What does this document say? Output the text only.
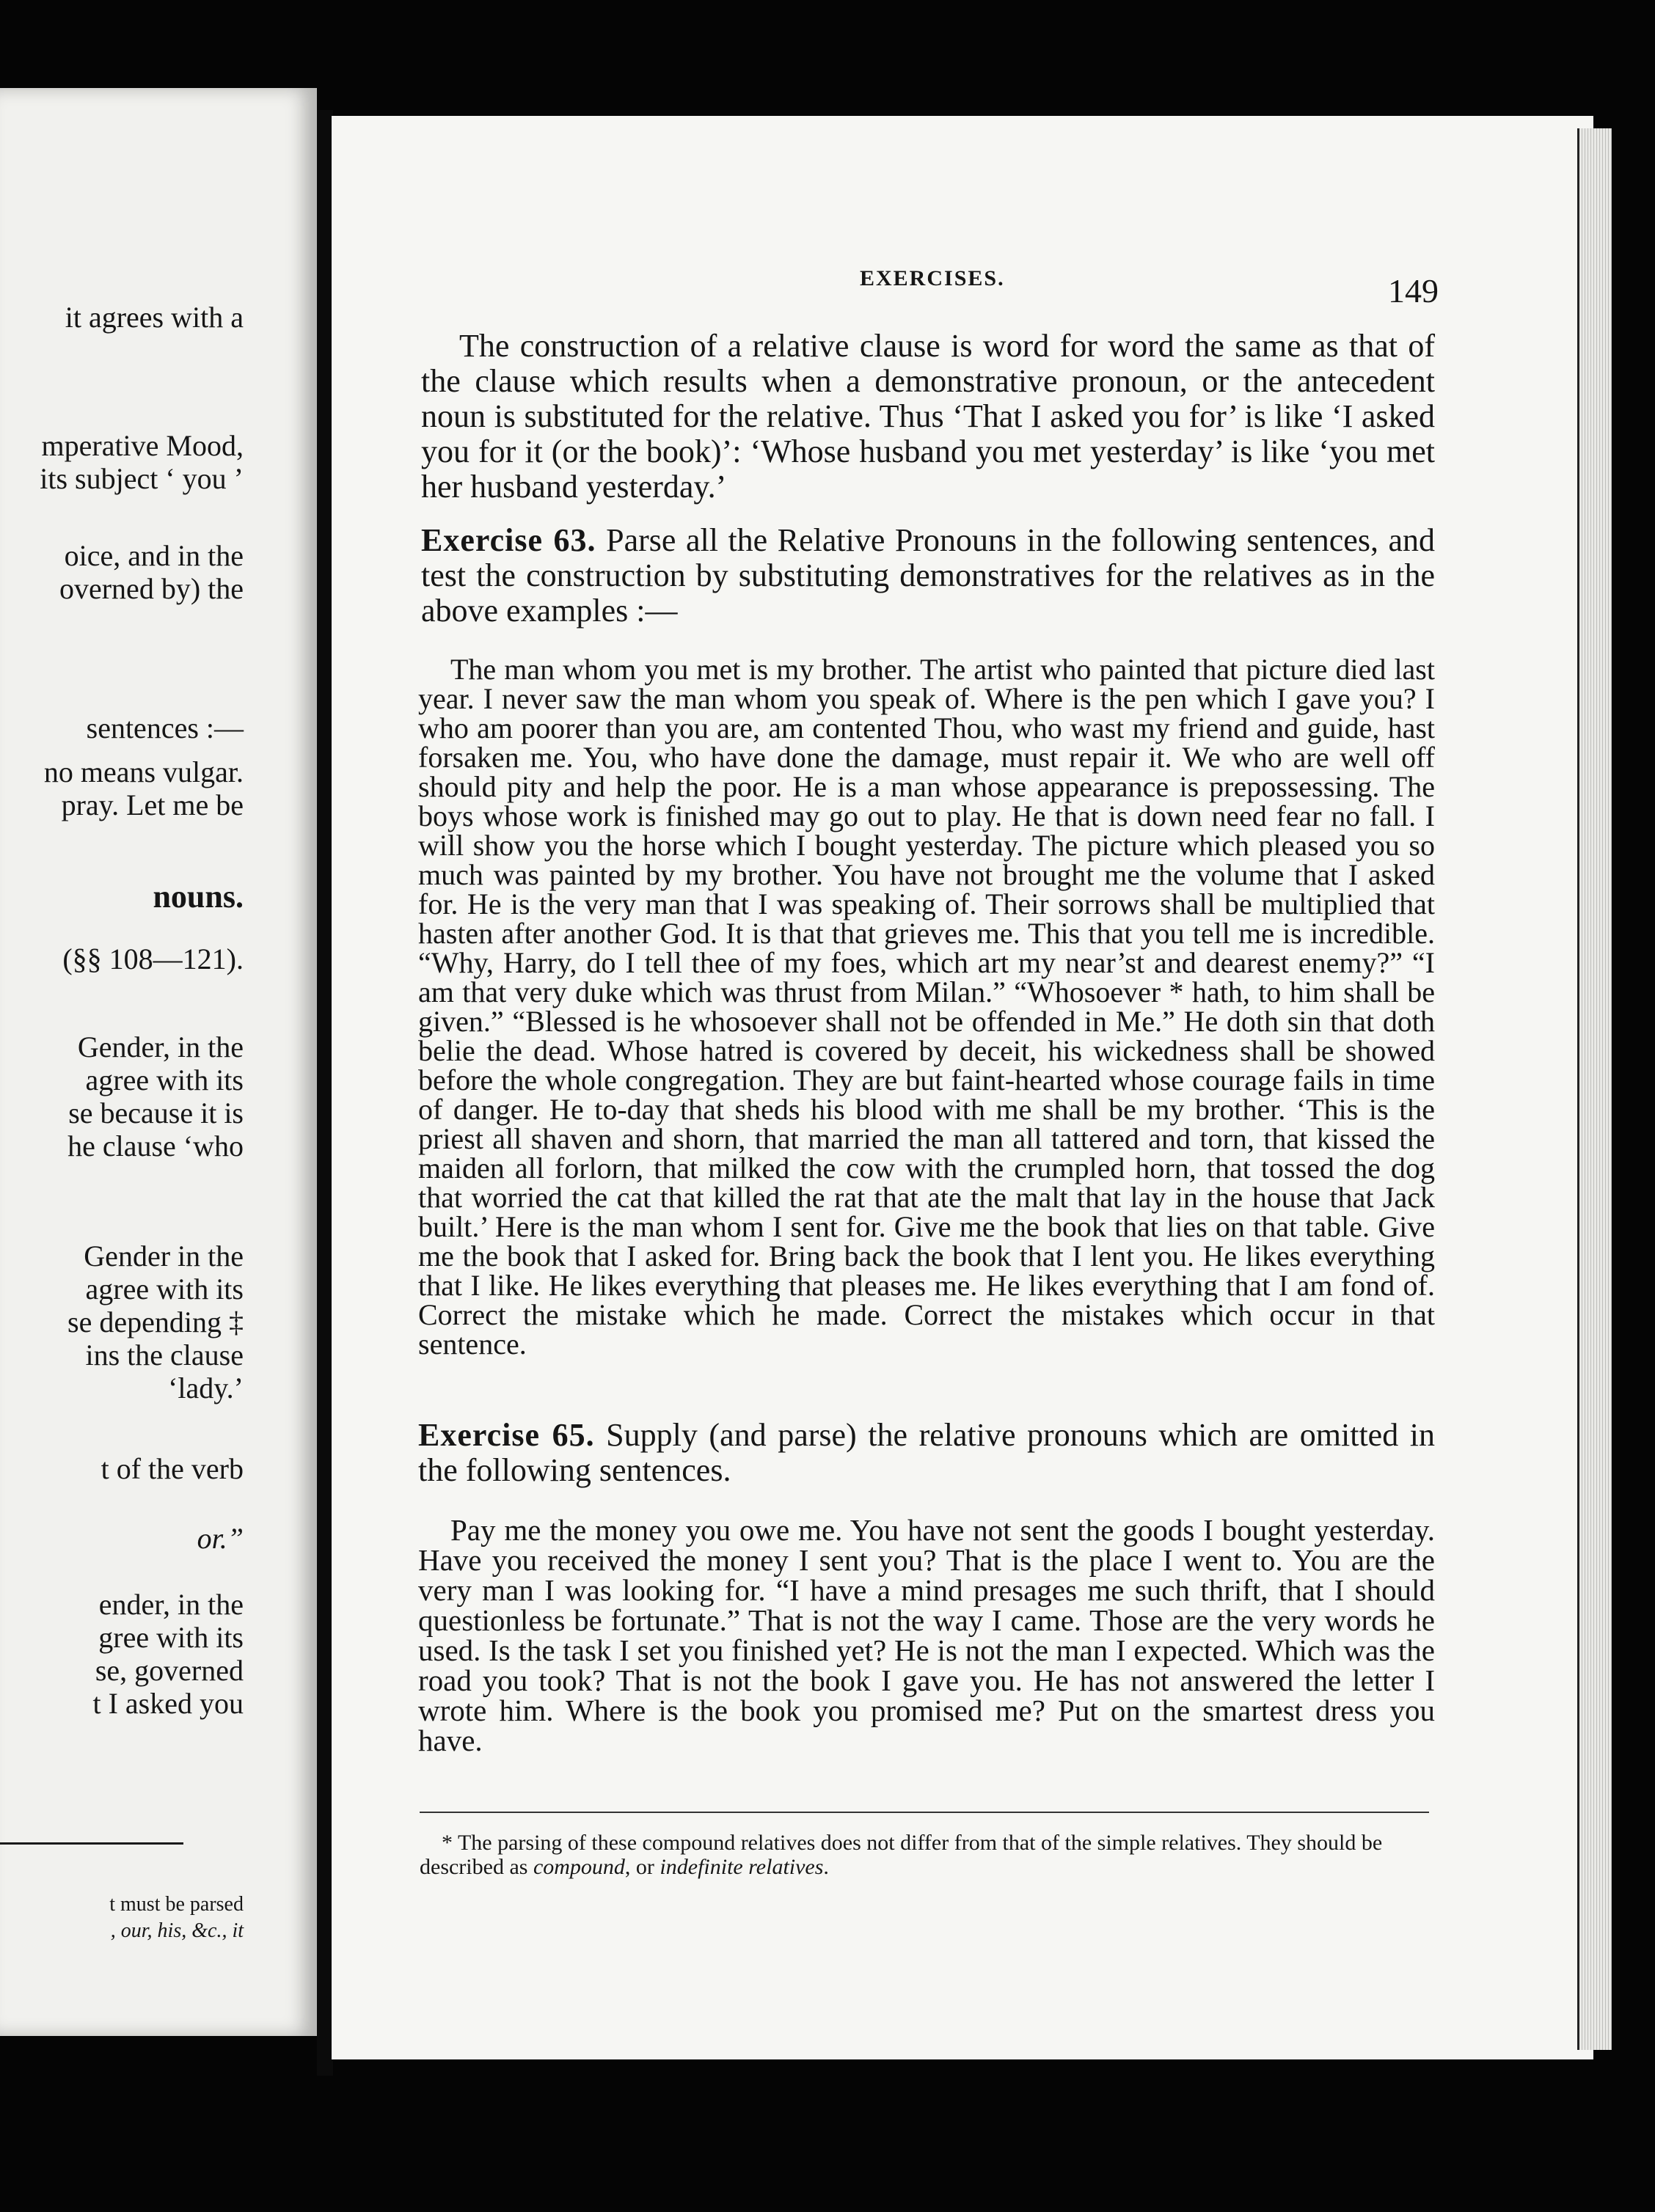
it agrees with a
mperative Mood,
its subject ‘ you ’
oice, and in the
overned by) the
sentences :—
no means vulgar.
pray. Let me be
nouns.
(§§ 108—121).
Gender, in the
agree with its
se because it is
he clause ‘who
Gender in the
agree with its
se depending ‡
ins the clause
‘lady.’
t of the verb
or.”
ender, in the
gree with its
se, governed
t I asked you
t must be parsed
, our, his, &c., it
EXERCISES.	149

The construction of a relative clause is word for word the same as that of the clause which results when a demonstrative pronoun, or the antecedent noun is substituted for the relative. Thus ‘That I asked you for’ is like ‘I asked you for it (or the book)’: ‘Whose husband you met yesterday’ is like ‘you met her husband yesterday.’

Exercise 63. Parse all the Relative Pronouns in the following sentences, and test the construction by substituting demonstratives for the relatives as in the above examples :—

The man whom you met is my brother. The artist who painted that picture died last year. I never saw the man whom you speak of. Where is the pen which I gave you? I who am poorer than you are, am contented Thou, who wast my friend and guide, hast forsaken me. You, who have done the damage, must repair it. We who are well off should pity and help the poor. He is a man whose appearance is prepossessing. The boys whose work is finished may go out to play. He that is down need fear no fall. I will show you the horse which I bought yesterday. The picture which pleased you so much was painted by my brother. You have not brought me the volume that I asked for. He is the very man that I was speaking of. Their sorrows shall be multiplied that hasten after another God. It is that that grieves me. This that you tell me is incredible. “Why, Harry, do I tell thee of my foes, which art my near’st and dearest enemy?” “I am that very duke which was thrust from Milan.” “Whosoever * hath, to him shall be given.” “Blessed is he whosoever shall not be offended in Me.” He doth sin that doth belie the dead. Whose hatred is covered by deceit, his wickedness shall be showed before the whole congregation. They are but faint-hearted whose courage fails in time of danger. He to-day that sheds his blood with me shall be my brother. ‘This is the priest all shaven and shorn, that married the man all tattered and torn, that kissed the maiden all forlorn, that milked the cow with the crumpled horn, that tossed the dog that worried the cat that killed the rat that ate the malt that lay in the house that Jack built.’ Here is the man whom I sent for. Give me the book that lies on that table. Give me the book that I asked for. Bring back the book that I lent you. He likes everything that I like. He likes everything that pleases me. He likes everything that I am fond of. Correct the mistake which he made. Correct the mistakes which occur in that sentence.

Exercise 65. Supply (and parse) the relative pronouns which are omitted in the following sentences.

Pay me the money you owe me. You have not sent the goods I bought yesterday. Have you received the money I sent you? That is the place I went to. You are the very man I was looking for. “I have a mind presages me such thrift, that I should questionless be fortunate.” That is not the way I came. Those are the very words he used. Is the task I set you finished yet? He is not the man I expected. Which was the road you took? That is not the book I gave you. He has not answered the letter I wrote him. Where is the book you promised me? Put on the smartest dress you have.

* The parsing of these compound relatives does not differ from that of the simple relatives. They should be described as compound, or indefinite relatives.
